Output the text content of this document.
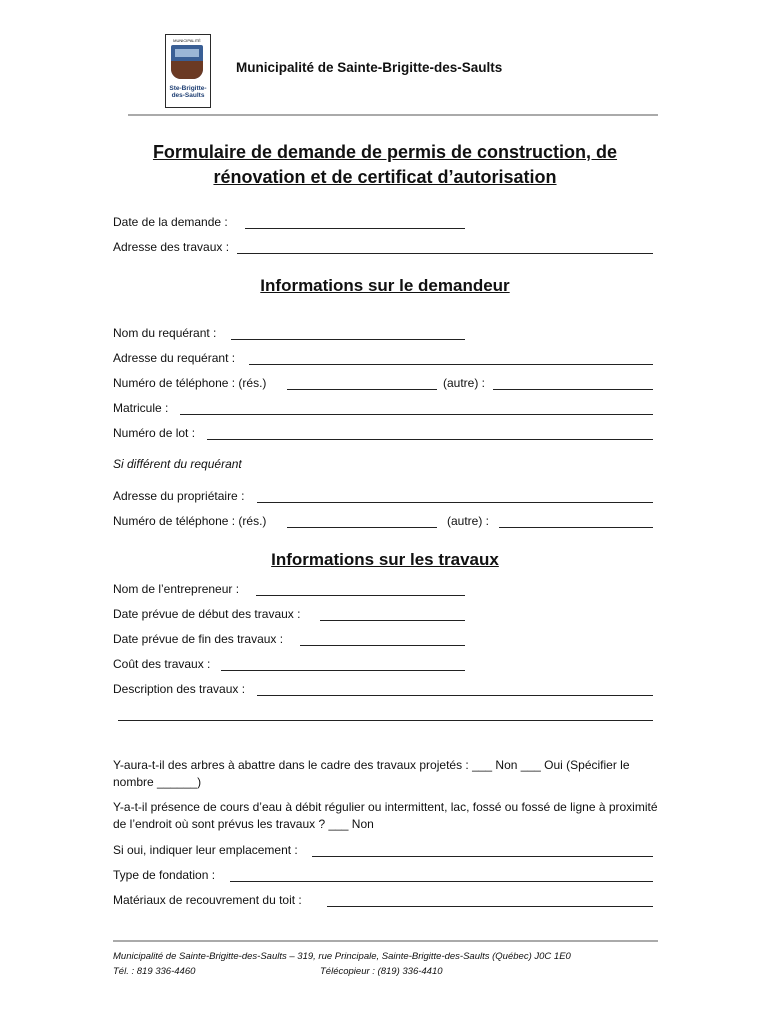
MUNICIPALITÉ
Ste-Brigitte-des-Saults
Municipalité de Sainte-Brigitte-des-Saults
Formulaire de demande de permis de construction, de
rénovation et de certificat d’autorisation
Date de la demande :
Adresse des travaux :
Informations sur le demandeur
Nom du requérant :
Adresse du requérant :
Numéro de téléphone : (rés.)	(autre) :
Matricule :
Numéro de lot :
Si différent du requérant
Adresse du propriétaire :
Numéro de téléphone : (rés.)	(autre) :
Informations sur les travaux
Nom de l’entrepreneur :
Date prévue de début des travaux :
Date prévue de fin des travaux :
Coût des travaux :
Description des travaux :
Y-aura-t-il des arbres à abattre dans le cadre des travaux projetés : ___ Non ___ Oui (Spécifier le nombre ______)
Y-a-t-il présence de cours d’eau à débit régulier ou intermittent, lac, fossé ou fossé de ligne à proximité de l’endroit où sont prévus les travaux ? ___ Non
Si oui, indiquer leur emplacement :
Type de fondation :
Matériaux de recouvrement du toit :
Municipalité de Sainte-Brigitte-des-Saults – 319, rue Principale, Sainte-Brigitte-des-Saults (Québec) J0C 1E0
Tél. : 819 336-4460	Télécopieur : (819) 336-4410
